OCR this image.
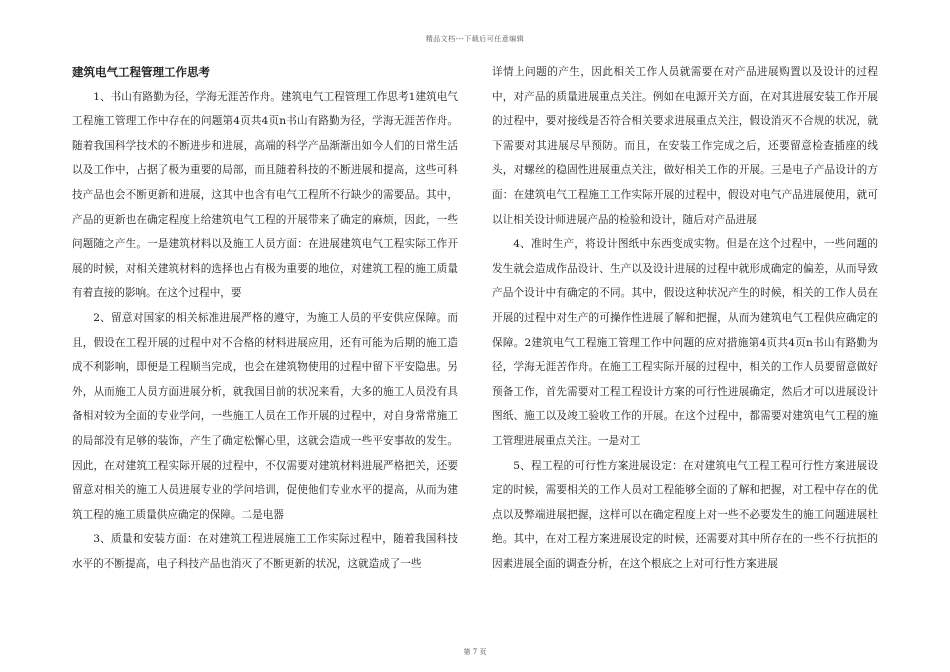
精品文档---下载后可任意编辑
建筑电气工程管理工作思考

1、书山有路勤为径，学海无涯苦作舟。建筑电气工程管理工作思考1建筑电气工程施工管理工作中存在的问题第4页共4页n书山有路勤为径，学海无涯苦作舟。随着我国科学技术的不断进步和进展，高端的科学产品渐渐出如今人们的日常生活以及工作中，占据了极为重要的局部，而且随着科技的不断进展和提高，这些可科技产品也会不断更新和进展，这其中也含有电气工程所不行缺少的需要品。其中，产品的更新也在确定程度上给建筑电气工程的开展带来了确定的麻烦，因此，一些问题随之产生。一是建筑材料以及施工人员方面：在进展建筑电气工程实际工作开展的时候，对相关建筑材料的选择也占有极为重要的地位，对建筑工程的施工质量有着直接的影响。在这个过程中，要

2、留意对国家的相关标准进展严格的遵守，为施工人员的平安供应保障。而且，假设在工程开展的过程中对不合格的材料进展应用，还有可能为后期的施工造成不利影响，即便是工程顺当完成，也会在建筑物使用的过程中留下平安隐患。另外，从而施工人员方面进展分析，就我国目前的状况来看，大多的施工人员没有具备相对较为全面的专业学问，一些施工人员在工作开展的过程中，对自身常常施工的局部没有足够的装饰，产生了确定松懈心里，这就会造成一些平安事故的发生。因此，在对建筑工程实际开展的过程中，不仅需要对建筑材料进展严格把关，还要留意对相关的施工人员进展专业的学问培训，促使他们专业水平的提高，从而为建筑工程的施工质量供应确定的保障。二是电器

3、质量和安装方面：在对建筑工程进展施工工作实际过程中，随着我国科技水平的不断提高，电子科技产品也消灭了不断更新的状况，这就造成了一些

详情上问题的产生，因此相关工作人员就需要在对产品进展购置以及设计的过程中，对产品的质量进展重点关注。例如在电源开关方面，在对其进展安装工作开展的过程中，要对接线是否符合相关要求进展重点关注，假设消灭不合规的状况，就下需要对其进展尽早预防。而且，在安装工作完成之后，还要留意检查插座的线头，对螺丝的稳固性进展重点关注，做好相关工作的开展。三是电子产品设计的方面：在建筑电气工程施工工作实际开展的过程中，假设对电气产品进展使用，就可以让相关设计师进展产品的检验和设计，随后对产品进展

4、准时生产，将设计图纸中东西变成实物。但是在这个过程中，一些问题的发生就会造成作品设计、生产以及设计进展的过程中就形成确定的偏差，从而导致产品个设计中有确定的不同。其中，假设这种状况产生的时候，相关的工作人员在开展的过程中对生产的可操作性进展了解和把握，从而为建筑电气工程供应确定的保障。2建筑电气工程施工管理工作中问题的应对措施第4页共4页n书山有路勤为径，学海无涯苦作舟。在施工工程实际开展的过程中，相关的工作人员要留意做好预备工作，首先需要对工程工程设计方案的可行性进展确定，然后才可以进展设计图纸、施工以及竣工验收工作的开展。在这个过程中，都需要对建筑电气工程的施工管理进展重点关注。一是对工

5、程工程的可行性方案进展设定：在对建筑电气工程工程可行性方案进展设定的时候，需要相关的工作人员对工程能够全面的了解和把握，对工程中存在的优点以及弊端进展把握，这样可以在确定程度上对一些不必要发生的施工问题进展杜绝。其中，在对工程方案进展设定的时候，还需要对其中所存在的一些不行抗拒的因素进展全面的调查分析，在这个根底之上对可行性方案进展

第 7 页
